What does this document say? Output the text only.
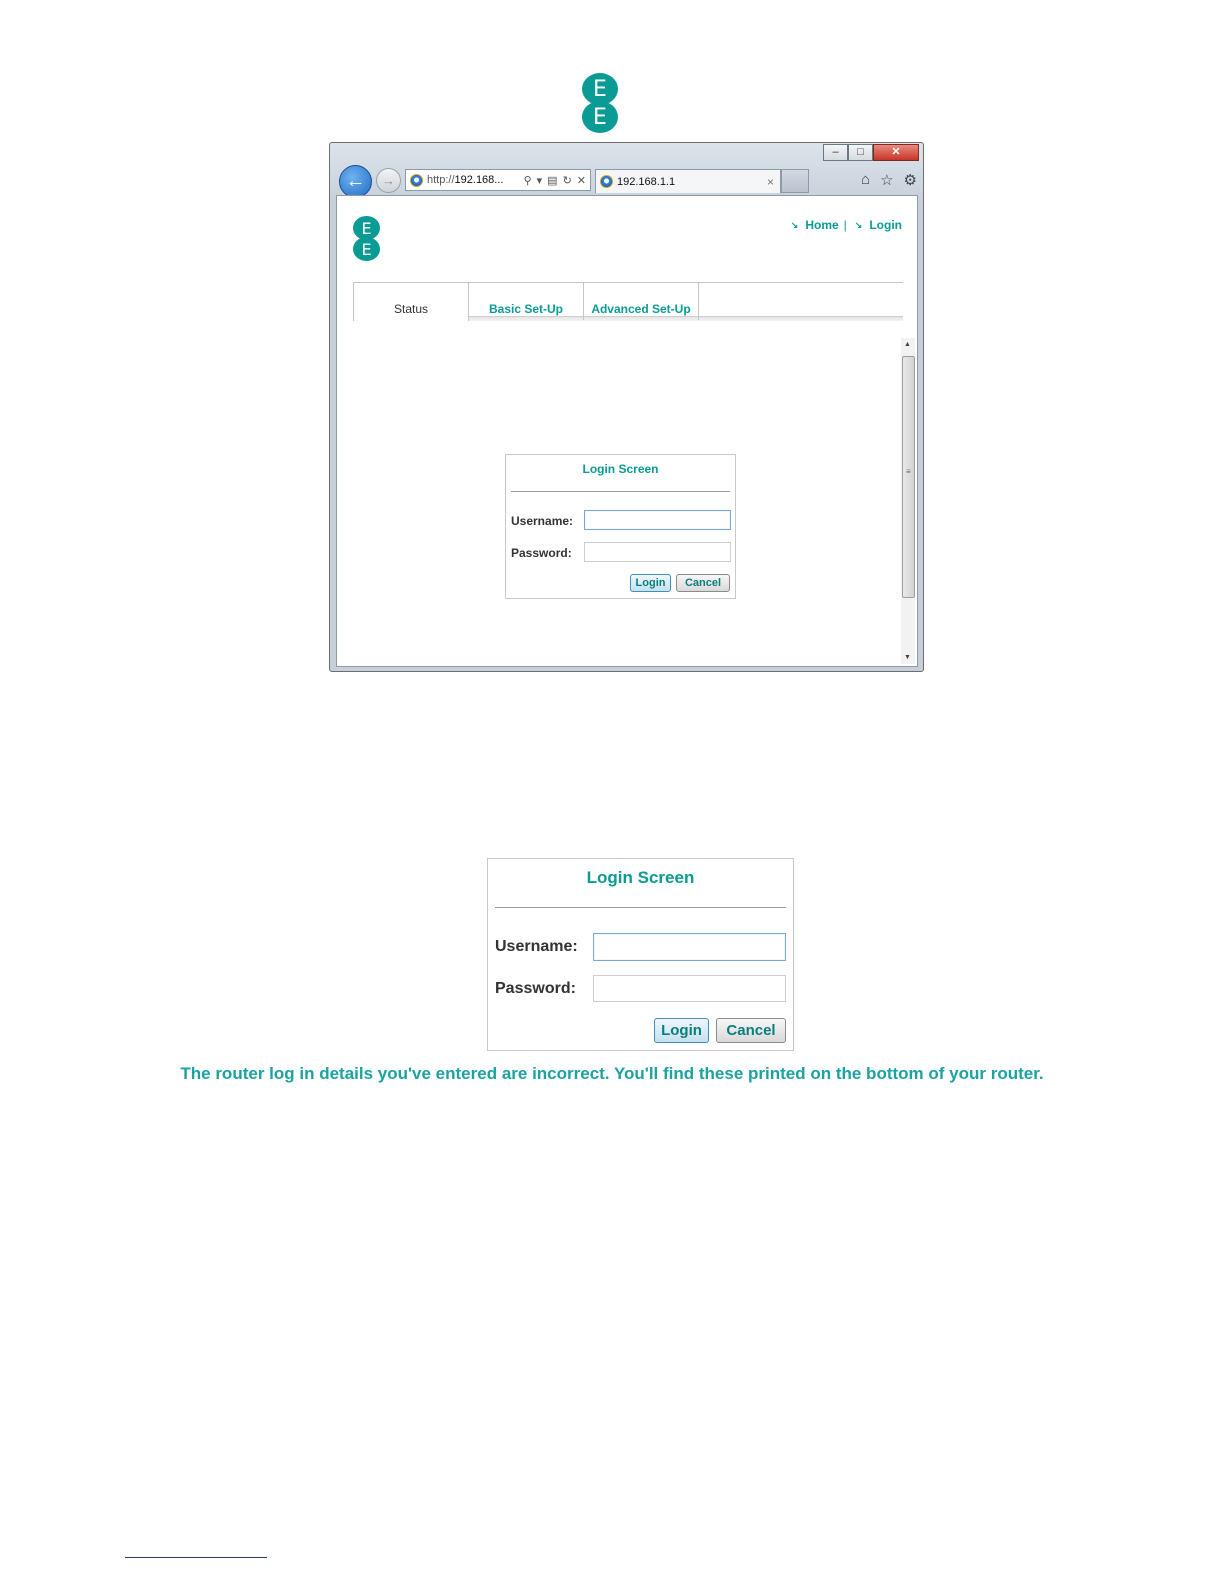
E
E
–	□	✕
←	→	http://192.168...	⚲ ▾ ▤ ↻ ✕	192.168.1.1	×	⌂ ☆ ⚙
E
E
↘ Home | ↘ Login
Status	Basic Set-Up	Advanced Set-Up
Login Screen
Username:
Password:
Login	Cancel
▲
≡
▼
Login Screen
Username:
Password:
Login	Cancel
The router log in details you've entered are incorrect. You'll find these printed on the bottom of your router.
